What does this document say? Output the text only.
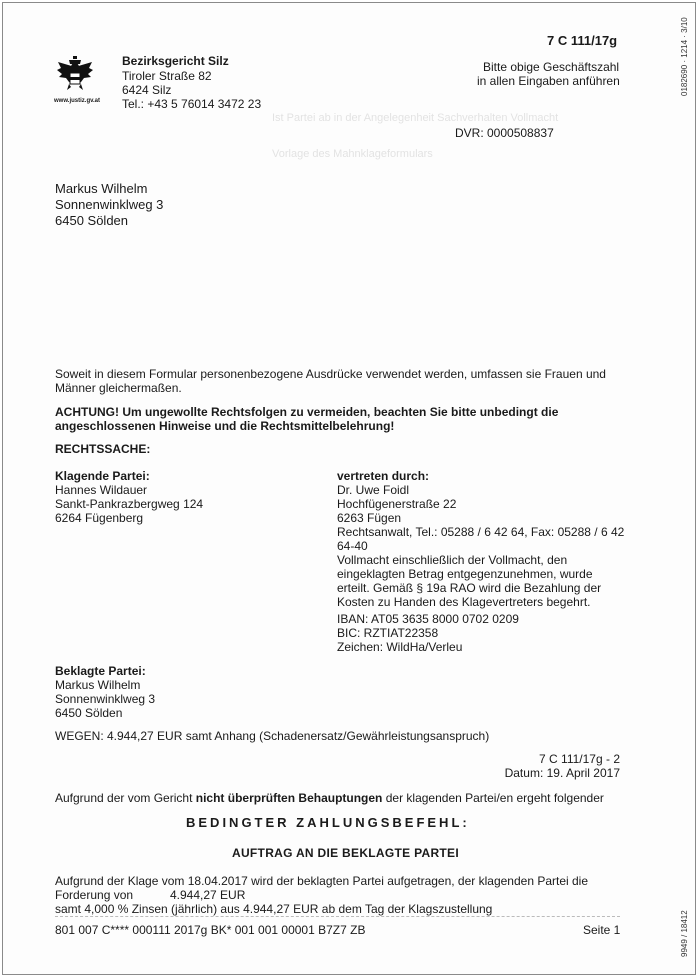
0182690 · 1214 · 3/10
9949 / 18412
7 C 111/17g
www.justiz.gv.at
Bezirksgericht Silz
Tiroler Straße 82
6424 Silz
Tel.: +43 5 76014 3472 23
Bitte obige Geschäftszahl
in allen Eingaben anführen
DVR: 0000508837
Ist Partei ab in der Angelegenheit Sachverhalten Vollmacht
Vorlage des Mahnklageformulars
Markus Wilhelm
Sonnenwinklweg 3
6450 Sölden
Soweit in diesem Formular personenbezogene Ausdrücke verwendet werden, umfassen sie Frauen und
Männer gleichermaßen.
ACHTUNG! Um ungewollte Rechtsfolgen zu vermeiden, beachten Sie bitte unbedingt die
angeschlossenen Hinweise und die Rechtsmittelbelehrung!
RECHTSSACHE:
Klagende Partei:
Hannes Wildauer
Sankt-Pankrazbergweg 124
6264 Fügenberg
vertreten durch:
Dr. Uwe Foidl
Hochfügenerstraße 22
6263 Fügen
Rechtsanwalt, Tel.: 05288 / 6 42 64, Fax: 05288 / 6 42
64-40
Vollmacht einschließlich der Vollmacht, den
eingeklagten Betrag entgegenzunehmen, wurde
erteilt. Gemäß § 19a RAO wird die Bezahlung der
Kosten zu Handen des Klagevertreters begehrt.
IBAN: AT05 3635 8000 0702 0209
BIC: RZTIAT22358
Zeichen: WildHa/Verleu
Beklagte Partei:
Markus Wilhelm
Sonnenwinklweg 3
6450 Sölden
WEGEN: 4.944,27 EUR samt Anhang (Schadenersatz/Gewährleistungsanspruch)
7 C 111/17g - 2
Datum: 19. April 2017
Aufgrund der vom Gericht nicht überprüften Behauptungen der klagenden Partei/en ergeht folgender
BEDINGTER ZAHLUNGSBEFEHL:
AUFTRAG AN DIE BEKLAGTE PARTEI
Aufgrund der Klage vom 18.04.2017 wird der beklagten Partei aufgetragen, der klagenden Partei die
Forderung von	4.944,27 EUR
samt 4,000 % Zinsen (jährlich) aus 4.944,27 EUR ab dem Tag der Klagszustellung
801 007 C**** 000111 2017g BK* 001 001 00001 B7Z7 ZB	Seite 1
